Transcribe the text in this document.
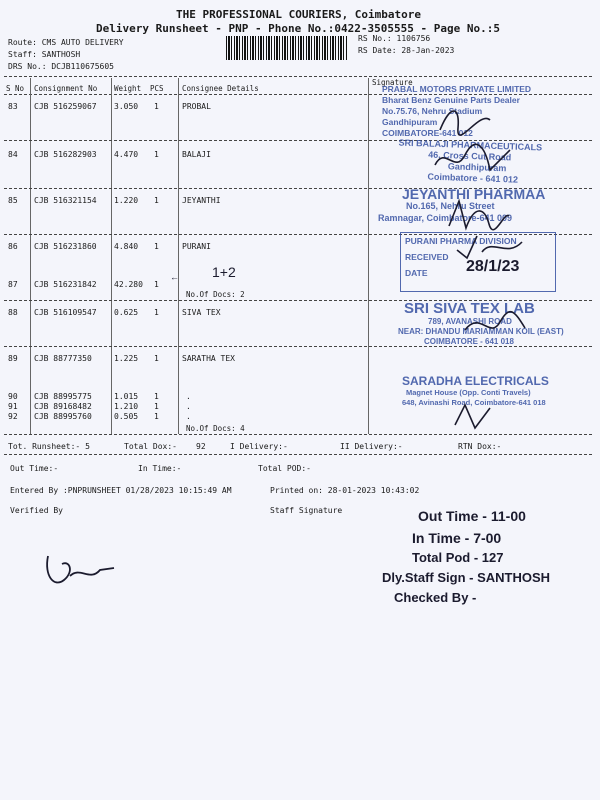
THE PROFESSIONAL COURIERS, Coimbatore
Delivery Runsheet - PNP - Phone No.:0422-3505555 - Page No.:5
Route: CMS AUTO DELIVERY
Staff: SANTHOSH
DRS No.: DCJB110675605
RS No.: 1106756
RS Date: 28-Jan-2023
S No Consignment No Weight PCS Consignee Details
Signature
83 CJB 516259067 3.050 1	PROBAL
84 CJB 516282903 4.470 1	BALAJI
85 CJB 516321154 1.220 1	JEYANTHI
86 CJB 516231860 4.840 1	PURANI
87 CJB 516231842 42.280 1
No.Of Docs: 2
88 CJB 516109547 0.625 1	SIVA TEX
89 CJB 88777350	1.225 1	SARATHA TEX
90 CJB 88995775	1.015 1	.
91 CJB 89168482	1.210 1	.
92 CJB 88995760	0.505 1	.
No.Of Docs: 4
Tot. Runsheet:- 5	Total Dox:- 92	I Delivery:-	II Delivery:-	RTN Dox:-
Out Time:-	In Time:-	Total POD:-
Entered By :PNPRUNSHEET 01/28/2023 10:15:49 AM	Printed on: 28-01-2023 10:43:02
Verified By	Staff Signature
PRABAL MOTORS PRIVATE LIMITED
Bharat Benz Genuine Parts Dealer
No.75.76, Nehru Stadium
Gandhipuram
COIMBATORE-641 012
SRI BALAJI PHARMACEUTICALS
46, Cross Cut Road
Gandhipuram
Coimbatore - 641 012
JEYANTHI PHARMAA
No.165, Nehru Street
Ramnagar, Coimbatore-641 009
PURANI PHARMA DIVISION
RECEIVED
DATE
SRI SIVA TEX LAB
789, AVANASHI ROAD
NEAR: DHANDU MARIAMMAN KOIL (EAST)
COIMBATORE - 641 018
SARADHA ELECTRICALS
Magnet House (Opp. Conti Travels)
648, Avinashi Road, Coimbatore-641 018
← 1+2	28/1/23
Out Time - 11-00
In Time - 7-00
Total Pod - 127
Dly.Staff Sign - SANTHOSH
Checked By -
